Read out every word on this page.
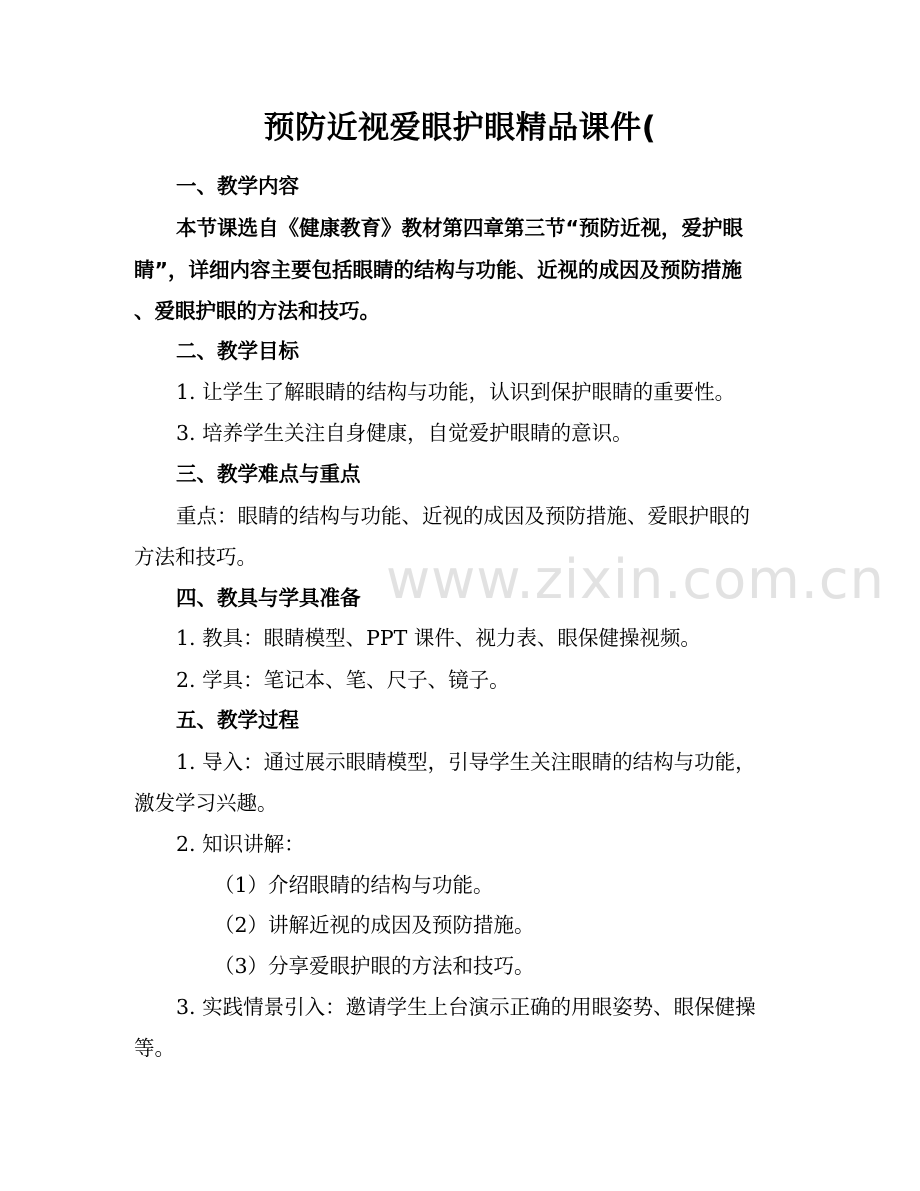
www.zixin.com.cn
预防近视爱眼护眼精品课件(
一、教学内容
本节课选自《健康教育》教材第四章第三节“预防近视，爱护眼
睛”，详细内容主要包括眼睛的结构与功能、近视的成因及预防措施
、爱眼护眼的方法和技巧。
二、教学目标
1. 让学生了解眼睛的结构与功能，认识到保护眼睛的重要性。
3. 培养学生关注自身健康，自觉爱护眼睛的意识。
三、教学难点与重点
重点：眼睛的结构与功能、近视的成因及预防措施、爱眼护眼的
方法和技巧。
四、教具与学具准备
1. 教具：眼睛模型、PPT 课件、视力表、眼保健操视频。
2. 学具：笔记本、笔、尺子、镜子。
五、教学过程
1. 导入：通过展示眼睛模型，引导学生关注眼睛的结构与功能，
激发学习兴趣。
2. 知识讲解：
（1）介绍眼睛的结构与功能。
（2）讲解近视的成因及预防措施。
（3）分享爱眼护眼的方法和技巧。
3. 实践情景引入：邀请学生上台演示正确的用眼姿势、眼保健操
等。
